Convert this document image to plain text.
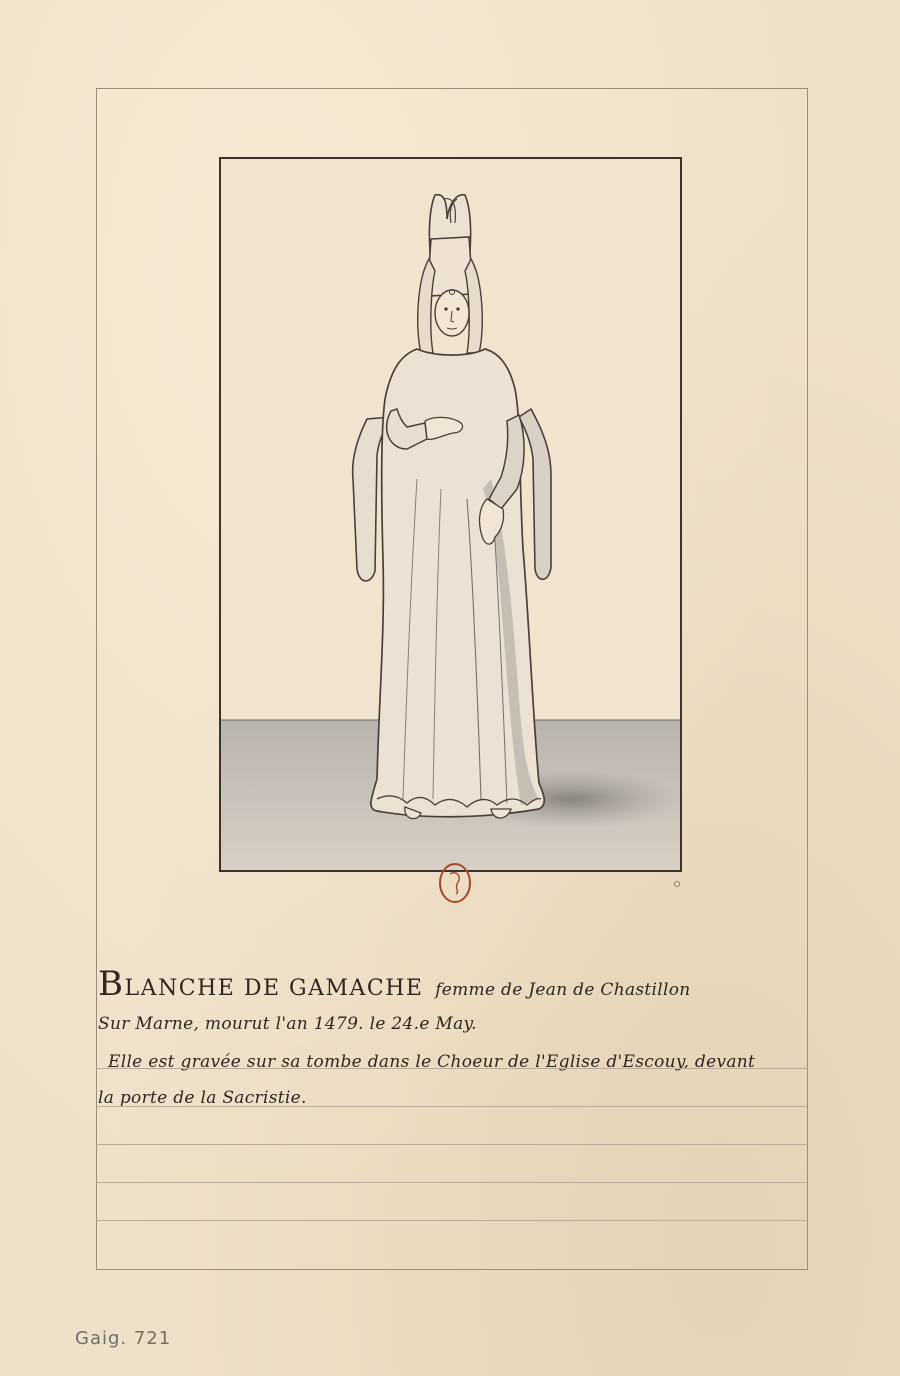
BLANCHE DE GAMACHE femme de Jean de Chastillon
Sur Marne, mourut l'an 1479. le 24.e May.
Elle est gravée sur sa tombe dans le Choeur de l'Eglise d'Escouy, devant
la porte de la Sacristie.
Gaig. 721
